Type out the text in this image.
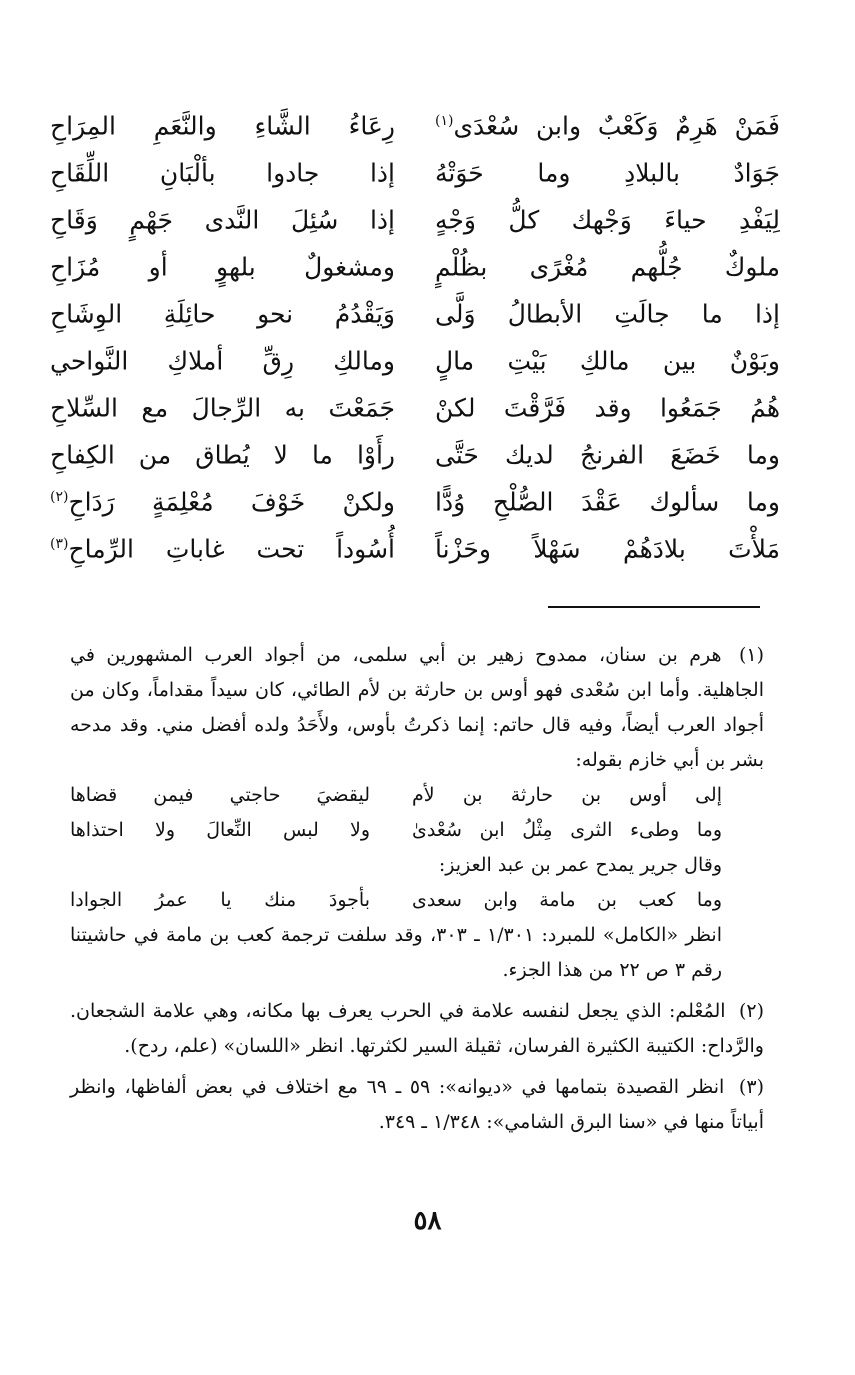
فَمَنْ هَرِمٌ وَكَعْبٌ وابن سُعْدَى$^{(١)}$
رِعَاءُ الشَّاءِ والنَّعَمِ المِرَاحِ
جَوَادٌ بالبلادِ وما حَوَتْهُ
إذا جادوا بألْبَانِ اللِّقَاحِ
لِيَفْدِ حياءَ وَجْهك كلُّ وَجْهٍ
إذا سُئِلَ النَّدى جَهْمٍ وَقَاحِ
ملوكٌ جُلُّهم مُغْرًى بظُلْمٍ
ومشغولٌ بلهوٍ أو مُزَاحِ
إذا ما جالَتِ الأبطالُ وَلَّى
وَيَقْدُمُ نحو حائِلَةِ الوِشَاحِ
وبَوْنٌ بين مالكِ بَيْتِ مالٍ
ومالكِ رِقِّ أملاكِ النَّواحي
هُمُ جَمَعُوا وقد فَرَّقْتَ لكنْ
جَمَعْتَ به الرِّجالَ مع السِّلاحِ
وما خَضَعَ الفرنجُ لديك حَتَّى
رأَوْا ما لا يُطاق من الكِفاحِ
وما سألوك عَقْدَ الصُّلْحِ وُدًّا
ولكنْ خَوْفَ مُعْلِمَةٍ رَدَاحِ$^{(٢)}$
مَلأْتَ بلادَهُمْ سَهْلاً وحَزْناً
أُسُوداً تحت غاباتِ الرِّماحِ$^{(٣)}$
(١) هرم بن سنان، ممدوح زهير بن أبي سلمى، من أجواد العرب المشهورين في الجاهلية. وأما ابن سُعْدى فهو أوس بن حارثة بن لأم الطائي، كان سيداً مقداماً، وكان من أجواد العرب أيضاً، وفيه قال حاتم: إنما ذكرتُ بأوس، ولأَحَدُ ولده أفضل مني. وقد مدحه بشر بن أبي خازم بقوله:
إلى أوس بن حارثة بن لأم
ليقضيَ حاجتي فيمن قضاها
وما وطىء الثرى مِثْلُ ابن سُعْدىٰ
ولا لبس النِّعالَ ولا احتذاها
وقال جرير يمدح عمر بن عبد العزيز:
وما كعب بن مامة وابن سعدى
بأجودَ منك يا عمرُ الجوادا
انظر «الكامل» للمبرد: ١/٣٠١ ـ ٣٠٣، وقد سلفت ترجمة كعب بن مامة في حاشيتنا رقم ٣ ص ٢٢ من هذا الجزء.
(٢) المُعْلم: الذي يجعل لنفسه علامة في الحرب يعرف بها مكانه، وهي علامة الشجعان. والرَّداح: الكتيبة الكثيرة الفرسان، ثقيلة السير لكثرتها. انظر «اللسان» (علم، ردح).
(٣) انظر القصيدة بتمامها في «ديوانه»: ٥٩ ـ ٦٩ مع اختلاف في بعض ألفاظها، وانظر أبياتاً منها في «سنا البرق الشامي»: ١/٣٤٨ ـ ٣٤٩.
٥٨
